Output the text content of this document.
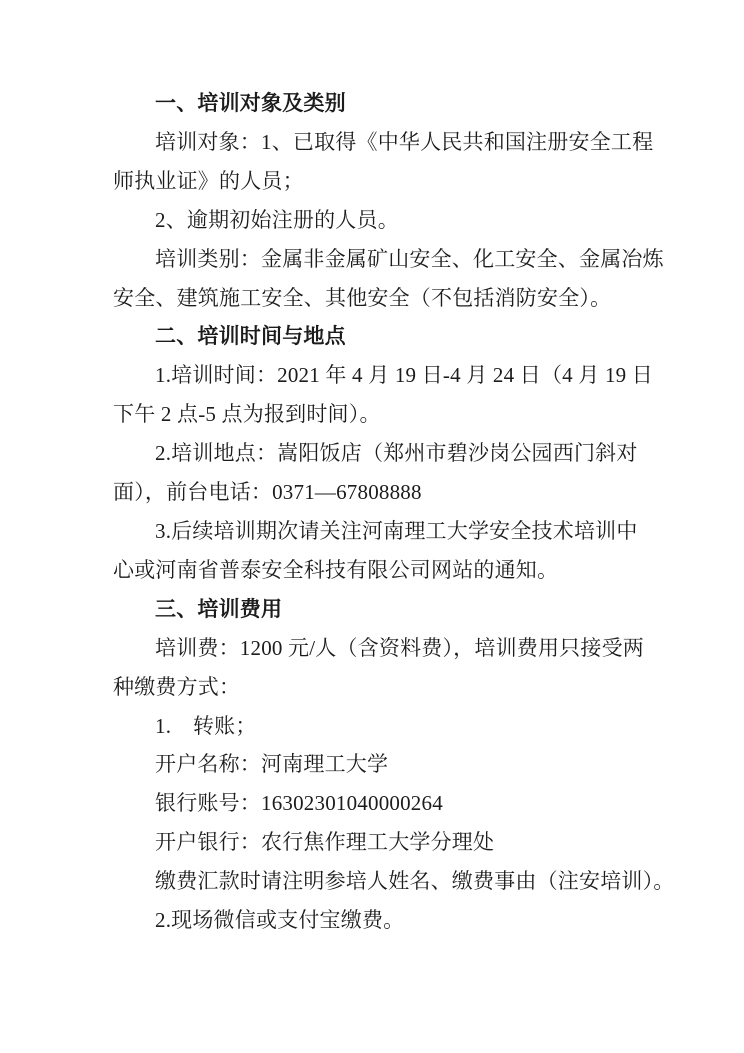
一、培训对象及类别
培训对象：1、已取得《中华人民共和国注册安全工程
师执业证》的人员；
2、逾期初始注册的人员。
培训类别：金属非金属矿山安全、化工安全、金属冶炼
安全、建筑施工安全、其他安全（不包括消防安全）。
二、培训时间与地点
1.培训时间：2021 年 4 月 19 日-4 月 24 日（4 月 19 日
下午 2 点-5 点为报到时间）。
2.培训地点：嵩阳饭店（郑州市碧沙岗公园西门斜对
面），前台电话：0371—67808888
3.后续培训期次请关注河南理工大学安全技术培训中
心或河南省普泰安全科技有限公司网站的通知。
三、培训费用
培训费：1200 元/人（含资料费），培训费用只接受两
种缴费方式：
1.    转账；
开户名称：河南理工大学
银行账号：16302301040000264
开户银行：农行焦作理工大学分理处
缴费汇款时请注明参培人姓名、缴费事由（注安培训）。
2.现场微信或支付宝缴费。
